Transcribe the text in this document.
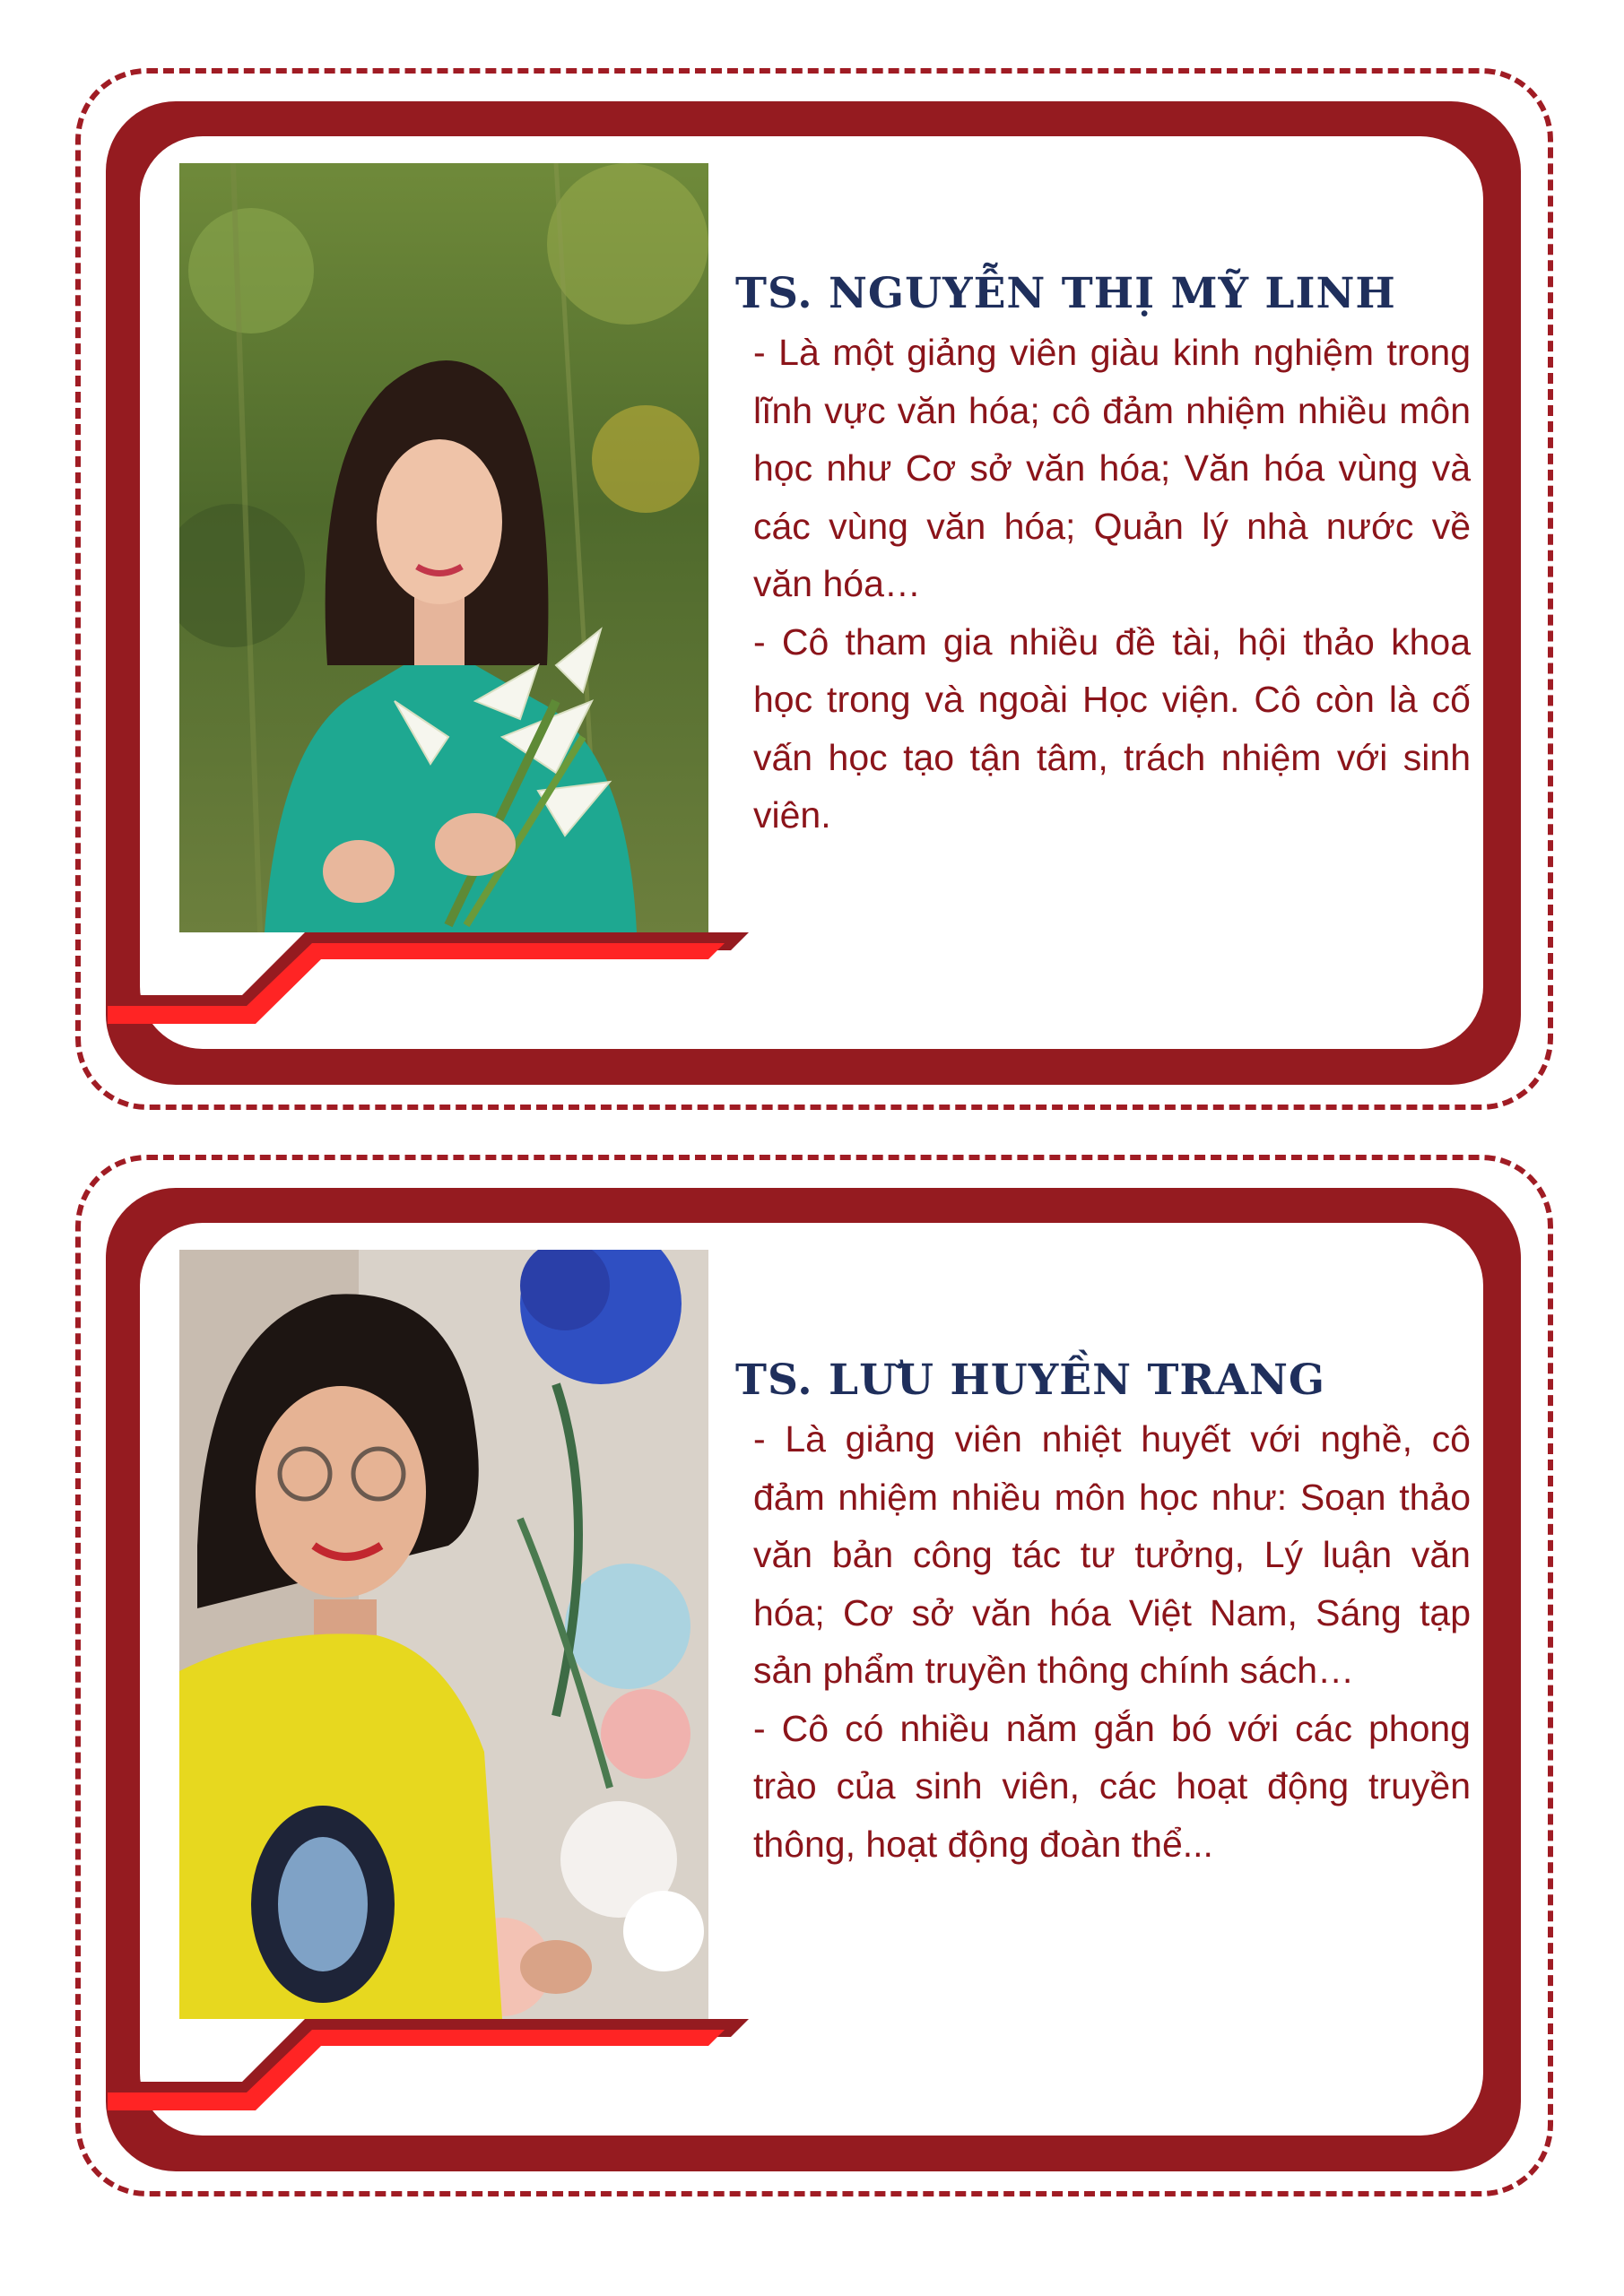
TS. NGUYỄN THỊ MỸ LINH

- Là một giảng viên giàu kinh nghiệm trong lĩnh vực văn hóa; cô đảm nhiệm nhiều môn học như Cơ sở văn hóa; Văn hóa vùng và các vùng văn hóa; Quản lý nhà nước về văn hóa…

- Cô tham gia nhiều đề tài, hội thảo khoa học trong và ngoài Học viện. Cô còn là cố vấn học tạo tận tâm, trách nhiệm với sinh viên.

TS. LƯU HUYỀN TRANG

- Là giảng viên nhiệt huyết với nghề, cô đảm nhiệm nhiều môn học như: Soạn thảo văn bản công tác tư tưởng, Lý luận văn hóa; Cơ sở văn hóa Việt Nam, Sáng tạp sản phẩm truyền thông chính sách…

- Cô có nhiều năm gắn bó với các phong trào của sinh viên, các hoạt động truyền thông, hoạt động đoàn thể...
